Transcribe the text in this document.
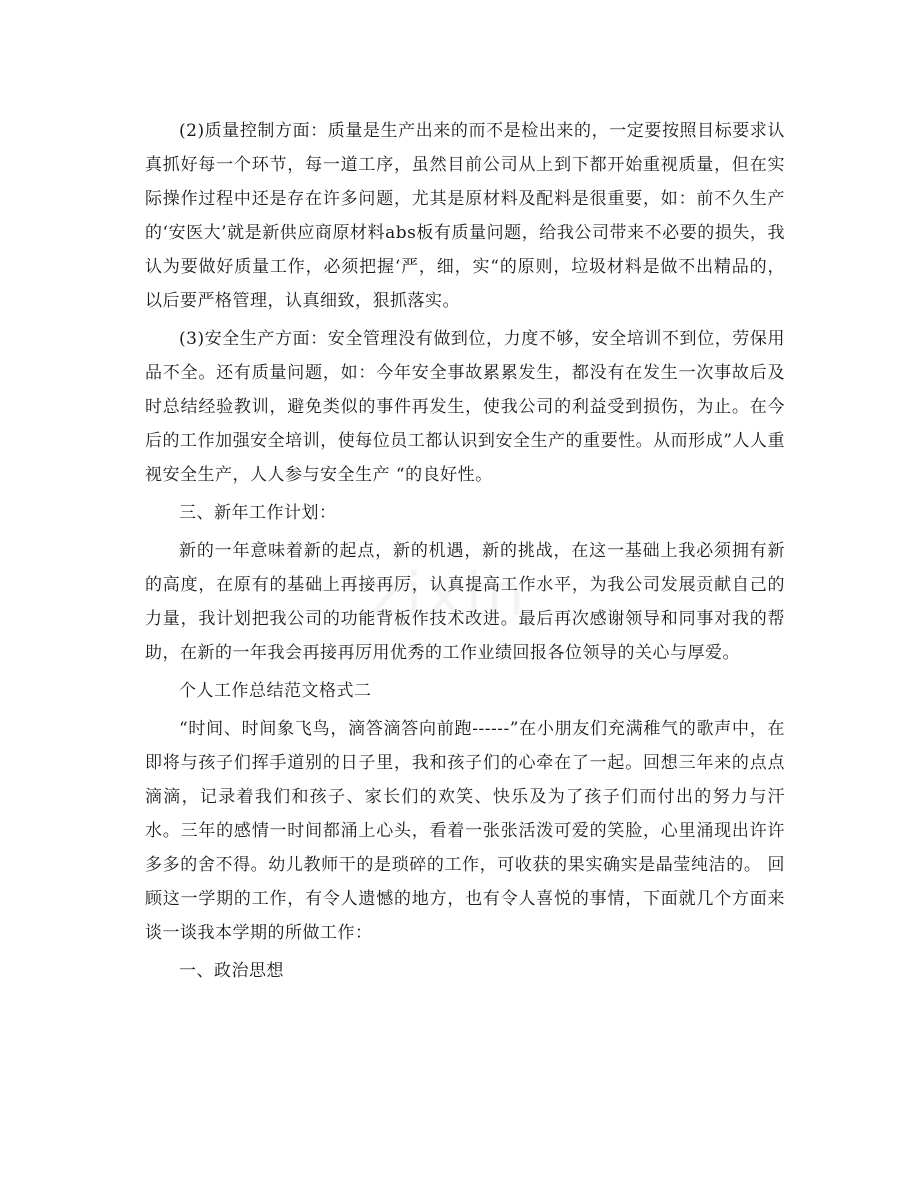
(2)质量控制方面：质量是生产出来的而不是检出来的，一定要按照目标要求认真抓好每一个环节，每一道工序，虽然目前公司从上到下都开始重视质量，但在实际操作过程中还是存在许多问题，尤其是原材料及配料是很重要，如：前不久生产的‘安医大’就是新供应商原材料abs板有质量问题，给我公司带来不必要的损失，我认为要做好质量工作，必须把握‘严，细，实“的原则，垃圾材料是做不出精品的，以后要严格管理，认真细致，狠抓落实。

(3)安全生产方面：安全管理没有做到位，力度不够，安全培训不到位，劳保用品不全。还有质量问题，如：今年安全事故累累发生，都没有在发生一次事故后及时总结经验教训，避免类似的事件再发生，使我公司的利益受到损伤，为止。在今后的工作加强安全培训，使每位员工都认识到安全生产的重要性。从而形成”人人重视安全生产，人人参与安全生产 “的良好性。

三、新年工作计划：

新的一年意味着新的起点，新的机遇，新的挑战，在这一基础上我必须拥有新的高度，在原有的基础上再接再厉，认真提高工作水平，为我公司发展贡献自己的力量，我计划把我公司的功能背板作技术改进。最后再次感谢领导和同事对我的帮助，在新的一年我会再接再厉用优秀的工作业绩回报各位领导的关心与厚爱。

个人工作总结范文格式二

“时间、时间象飞鸟，滴答滴答向前跑------”在小朋友们充满稚气的歌声中，在即将与孩子们挥手道别的日子里，我和孩子们的心牵在了一起。回想三年来的点点滴滴，记录着我们和孩子、家长们的欢笑、快乐及为了孩子们而付出的努力与汗水。三年的感情一时间都涌上心头，看着一张张活泼可爱的笑脸，心里涌现出许许多多的舍不得。幼儿教师干的是琐碎的工作，可收获的果实确实是晶莹纯洁的。 回顾这一学期的工作，有令人遗憾的地方，也有令人喜悦的事情，下面就几个方面来谈一谈我本学期的所做工作：

一、政治思想
